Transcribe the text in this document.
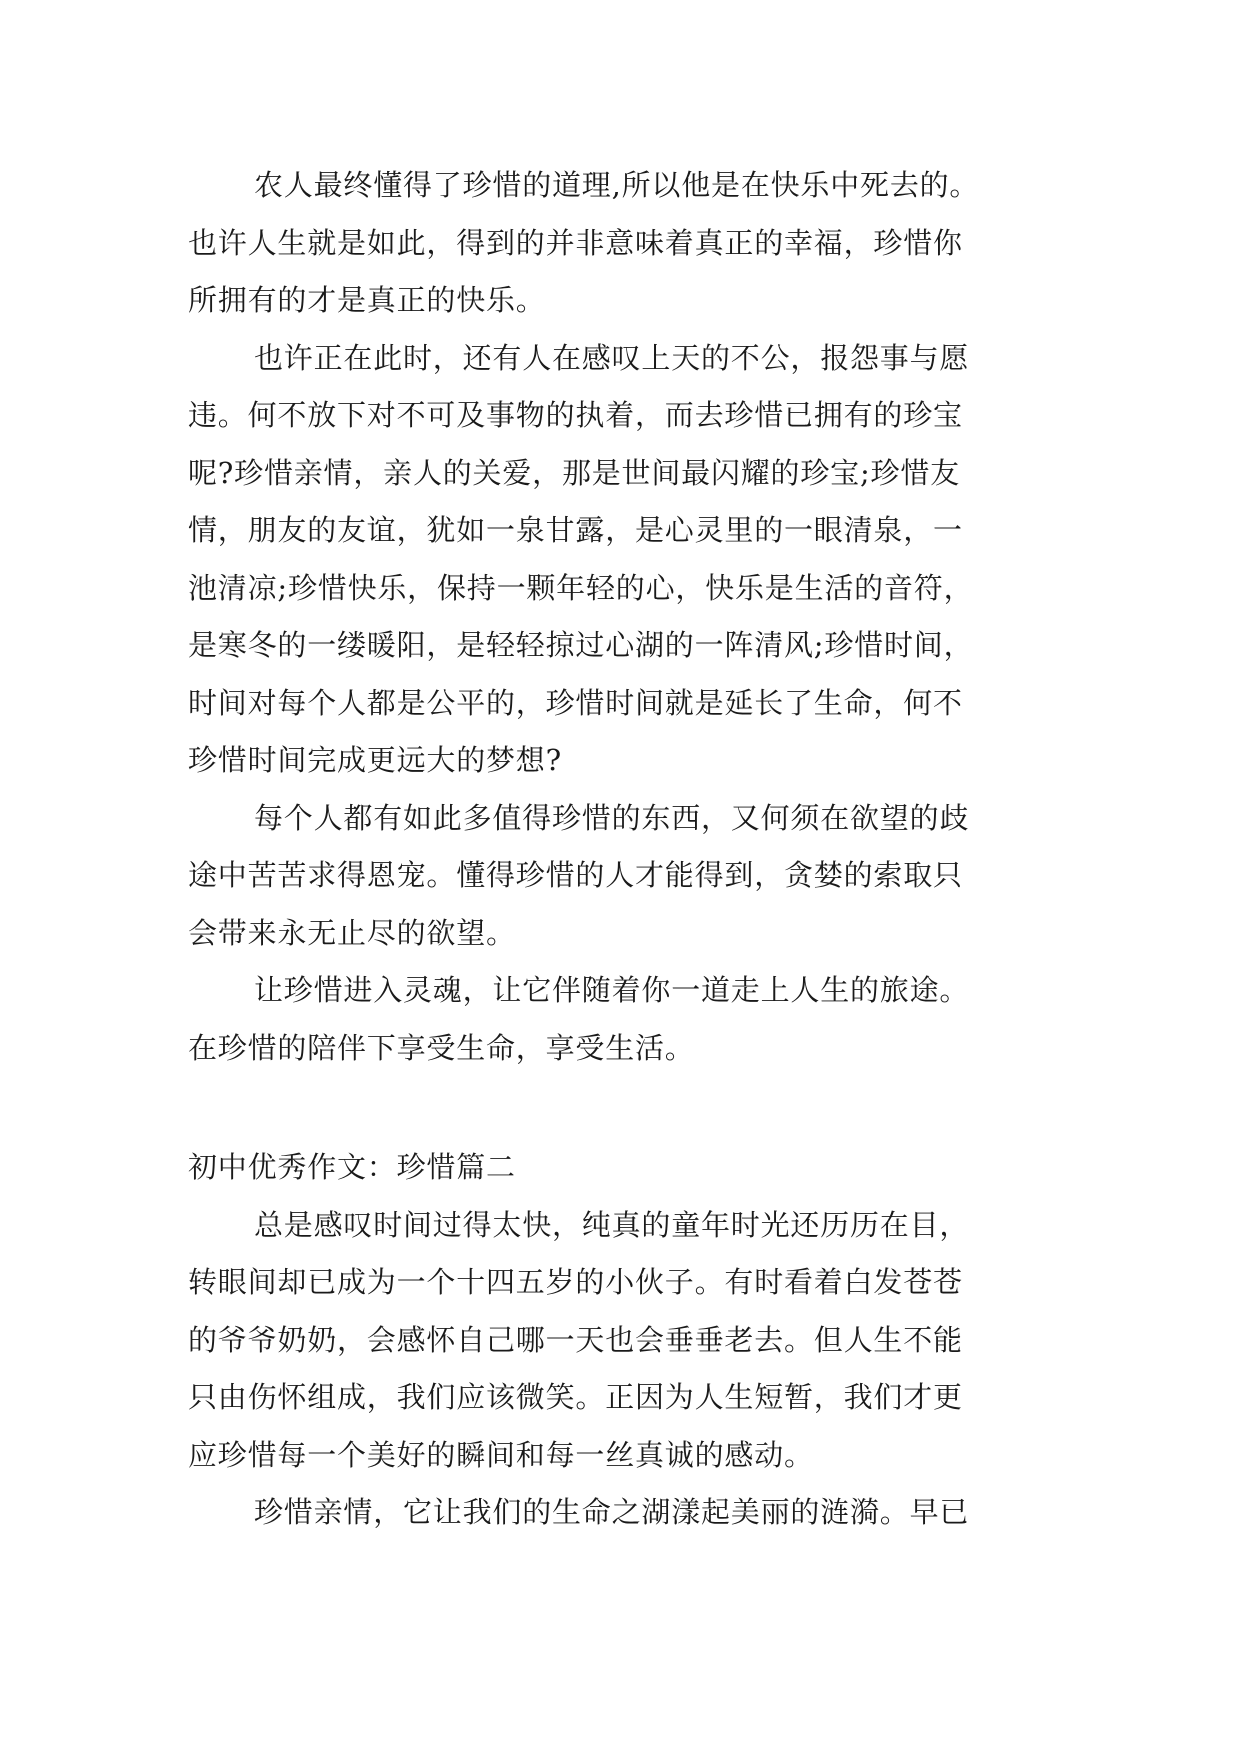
农人最终懂得了珍惜的道理,所以他是在快乐中死去的。
也许人生就是如此，得到的并非意味着真正的幸福，珍惜你
所拥有的才是真正的快乐。
也许正在此时，还有人在感叹上天的不公，报怨事与愿
违。何不放下对不可及事物的执着，而去珍惜已拥有的珍宝
呢?珍惜亲情，亲人的关爱，那是世间最闪耀的珍宝;珍惜友
情，朋友的友谊，犹如一泉甘露，是心灵里的一眼清泉，一
池清凉;珍惜快乐，保持一颗年轻的心，快乐是生活的音符，
是寒冬的一缕暖阳，是轻轻掠过心湖的一阵清风;珍惜时间，
时间对每个人都是公平的，珍惜时间就是延长了生命，何不
珍惜时间完成更远大的梦想?
每个人都有如此多值得珍惜的东西，又何须在欲望的歧
途中苦苦求得恩宠。懂得珍惜的人才能得到，贪婪的索取只
会带来永无止尽的欲望。
让珍惜进入灵魂，让它伴随着你一道走上人生的旅途。
在珍惜的陪伴下享受生命，享受生活。
初中优秀作文：珍惜篇二
总是感叹时间过得太快，纯真的童年时光还历历在目，
转眼间却已成为一个十四五岁的小伙子。有时看着白发苍苍
的爷爷奶奶，会感怀自己哪一天也会垂垂老去。但人生不能
只由伤怀组成，我们应该微笑。正因为人生短暂，我们才更
应珍惜每一个美好的瞬间和每一丝真诚的感动。
珍惜亲情，它让我们的生命之湖漾起美丽的涟漪。早已
